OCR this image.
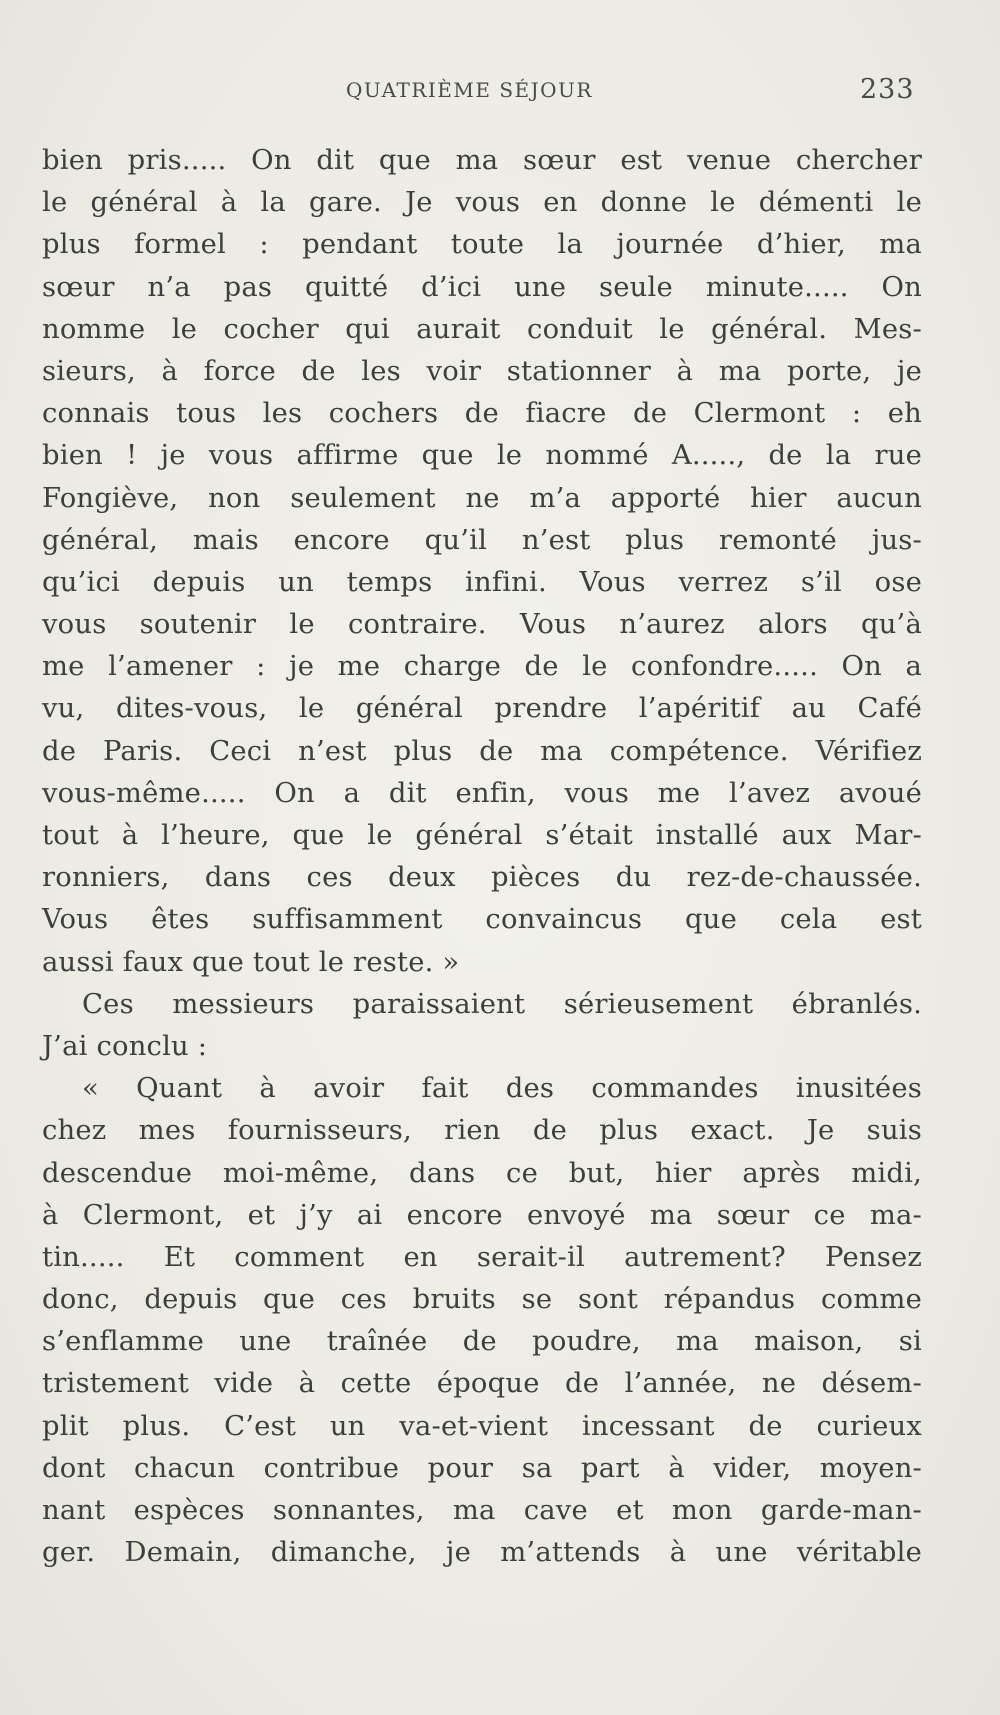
QUATRIÈME SÉJOUR	233
bien pris..... On dit que ma sœur est venue chercher
le général à la gare. Je vous en donne le démenti le
plus formel : pendant toute la journée d’hier, ma
sœur n’a pas quitté d’ici une seule minute..... On
nomme le cocher qui aurait conduit le général. Mes-
sieurs, à force de les voir stationner à ma porte, je
connais tous les cochers de fiacre de Clermont : eh
bien ! je vous affirme que le nommé A....., de la rue
Fongiève, non seulement ne m’a apporté hier aucun
général, mais encore qu’il n’est plus remonté jus-
qu’ici depuis un temps infini. Vous verrez s’il ose
vous soutenir le contraire. Vous n’aurez alors qu’à
me l’amener : je me charge de le confondre..... On a
vu, dites-vous, le général prendre l’apéritif au Café
de Paris. Ceci n’est plus de ma compétence. Vérifiez
vous-même..... On a dit enfin, vous me l’avez avoué
tout à l’heure, que le général s’était installé aux Mar-
ronniers, dans ces deux pièces du rez-de-chaussée.
Vous êtes suffisamment convaincus que cela est
aussi faux que tout le reste. »
Ces messieurs paraissaient sérieusement ébranlés.
J’ai conclu :
« Quant à avoir fait des commandes inusitées
chez mes fournisseurs, rien de plus exact. Je suis
descendue moi-même, dans ce but, hier après midi,
à Clermont, et j’y ai encore envoyé ma sœur ce ma-
tin..... Et comment en serait-il autrement? Pensez
donc, depuis que ces bruits se sont répandus comme
s’enflamme une traînée de poudre, ma maison, si
tristement vide à cette époque de l’année, ne désem-
plit plus. C’est un va-et-vient incessant de curieux
dont chacun contribue pour sa part à vider, moyen-
nant espèces sonnantes, ma cave et mon garde-man-
ger. Demain, dimanche, je m’attends à une véritable
